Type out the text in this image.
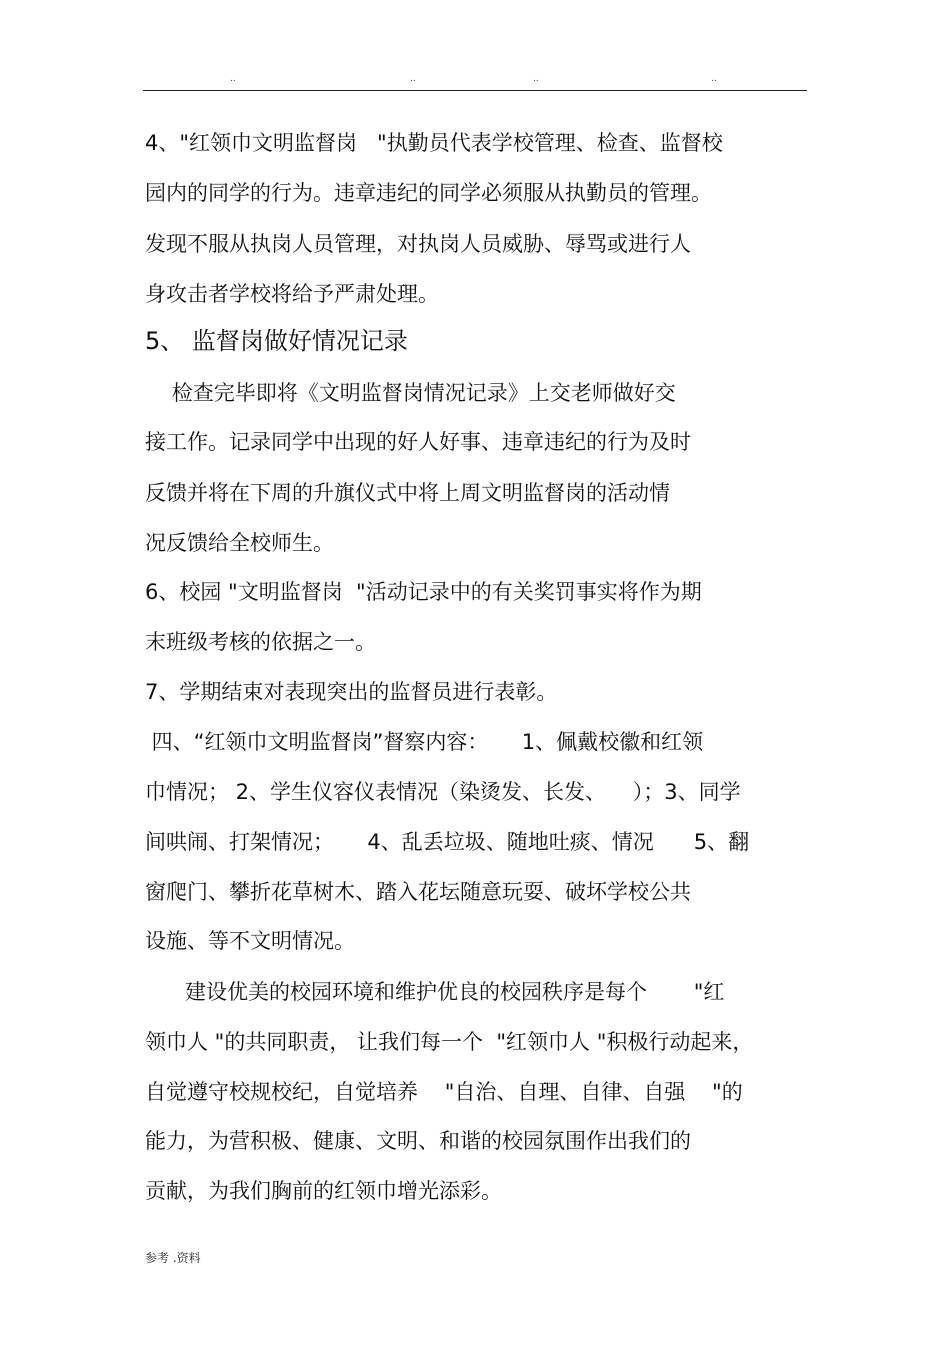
..	..	..	..
4、"红领巾文明监督岗   "执勤员代表学校管理、检查、监督校
园内的同学的行为。违章违纪的同学必须服从执勤员的管理。
发现不服从执岗人员管理，对执岗人员威胁、辱骂或进行人
身攻击者学校将给予严肃处理。
5、 监督岗做好情况记录
检查完毕即将《文明监督岗情况记录》上交老师做好交
接工作。记录同学中出现的好人好事、违章违纪的行为及时
反馈并将在下周的升旗仪式中将上周文明监督岗的活动情
况反馈给全校师生。
6、校园 "文明监督岗  "活动记录中的有关奖罚事实将作为期
末班级考核的依据之一。
7、学期结束对表现突出的监督员进行表彰。
四、“红领巾文明监督岗”督察内容：     1、佩戴校徽和红领
巾情况； 2、学生仪容仪表情况（染烫发、长发、    ）；3、同学
间哄闹、打架情况；     4、乱丢垃圾、随地吐痰、情况      5、翻
窗爬门、攀折花草树木、踏入花坛随意玩耍、破坏学校公共
设施、等不文明情况。
建设优美的校园环境和维护优良的校园秩序是每个       "红
领巾人 "的共同职责， 让我们每一个  "红领巾人 "积极行动起来，
自觉遵守校规校纪，自觉培养    "自治、自理、自律、自强    "的
能力，为营积极、健康、文明、和谐的校园氛围作出我们的
贡献，为我们胸前的红领巾增光添彩。
参考 .资料
